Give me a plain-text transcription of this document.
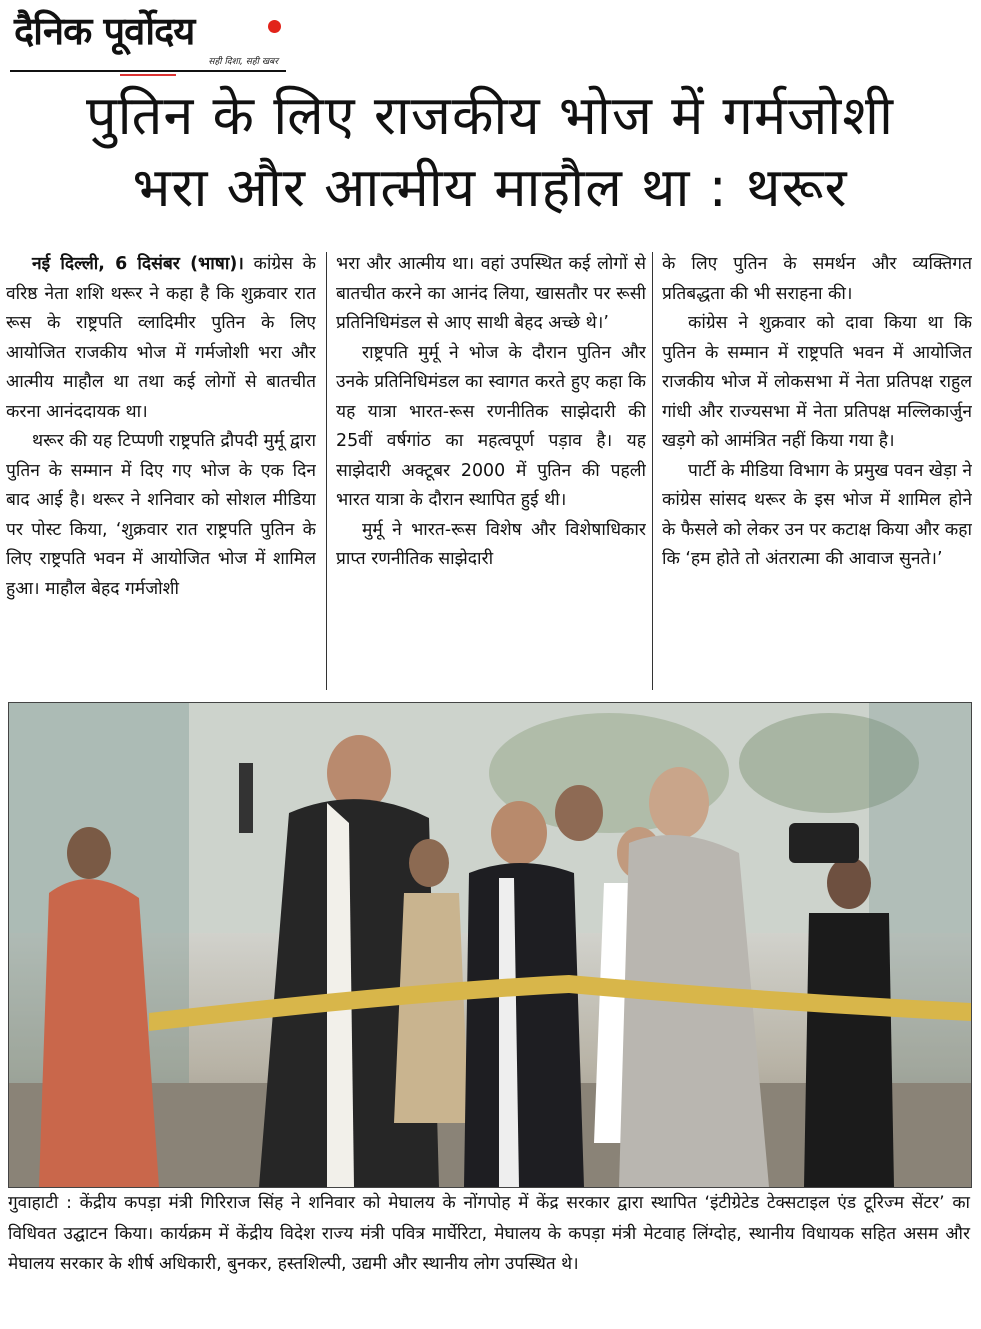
दैनिक पूर्वोदय
सही दिशा, सही खबर
पुतिन के लिए राजकीय भोज में गर्मजोशी
भरा और आत्मीय माहौल था : थरूर

नई दिल्ली, 6 दिसंबर (भाषा)। कांग्रेस के वरिष्ठ नेता शशि थरूर ने कहा है कि शुक्रवार रात रूस के राष्ट्रपति व्लादिमीर पुतिन के लिए आयोजित राजकीय भोज में गर्मजोशी भरा और आत्मीय माहौल था तथा कई लोगों से बातचीत करना आनंददायक था।

थरूर की यह टिप्पणी राष्ट्रपति द्रौपदी मुर्मू द्वारा पुतिन के सम्मान में दिए गए भोज के एक दिन बाद आई है। थरूर ने शनिवार को सोशल मीडिया पर पोस्ट किया, ‘शुक्रवार रात राष्ट्रपति पुतिन के लिए राष्ट्रपति भवन में आयोजित भोज में शामिल हुआ। माहौल बेहद गर्मजोशी

भरा और आत्मीय था। वहां उपस्थित कई लोगों से बातचीत करने का आनंद लिया, खासतौर पर रूसी प्रतिनिधिमंडल से आए साथी बेहद अच्छे थे।’

राष्ट्रपति मुर्मू ने भोज के दौरान पुतिन और उनके प्रतिनिधिमंडल का स्वागत करते हुए कहा कि यह यात्रा भारत-रूस रणनीतिक साझेदारी की 25वीं वर्षगांठ का महत्वपूर्ण पड़ाव है। यह साझेदारी अक्टूबर 2000 में पुतिन की पहली भारत यात्रा के दौरान स्थापित हुई थी।

मुर्मू ने भारत-रूस विशेष और विशेषाधिकार प्राप्त रणनीतिक साझेदारी

के लिए पुतिन के समर्थन और व्यक्तिगत प्रतिबद्धता की भी सराहना की।

कांग्रेस ने शुक्रवार को दावा किया था कि पुतिन के सम्मान में राष्ट्रपति भवन में आयोजित राजकीय भोज में लोकसभा में नेता प्रतिपक्ष राहुल गांधी और राज्यसभा में नेता प्रतिपक्ष मल्लिकार्जुन खड़गे को आमंत्रित नहीं किया गया है।

पार्टी के मीडिया विभाग के प्रमुख पवन खेड़ा ने कांग्रेस सांसद थरूर के इस भोज में शामिल होने के फैसले को लेकर उन पर कटाक्ष किया और कहा कि ‘हम होते तो अंतरात्मा की आवाज सुनते।’

गुवाहाटी : केंद्रीय कपड़ा मंत्री गिरिराज सिंह ने शनिवार को मेघालय के नोंगपोह में केंद्र सरकार द्वारा स्थापित ‘इंटीग्रेटेड टेक्सटाइल एंड टूरिज्म सेंटर’ का विधिवत उद्घाटन किया। कार्यक्रम में केंद्रीय विदेश राज्य मंत्री पवित्र मार्घेरिटा, मेघालय के कपड़ा मंत्री मेटवाह लिंग्दोह, स्थानीय विधायक सहित असम और मेघालय सरकार के शीर्ष अधिकारी, बुनकर, हस्तशिल्पी, उद्यमी और स्थानीय लोग उपस्थित थे।
